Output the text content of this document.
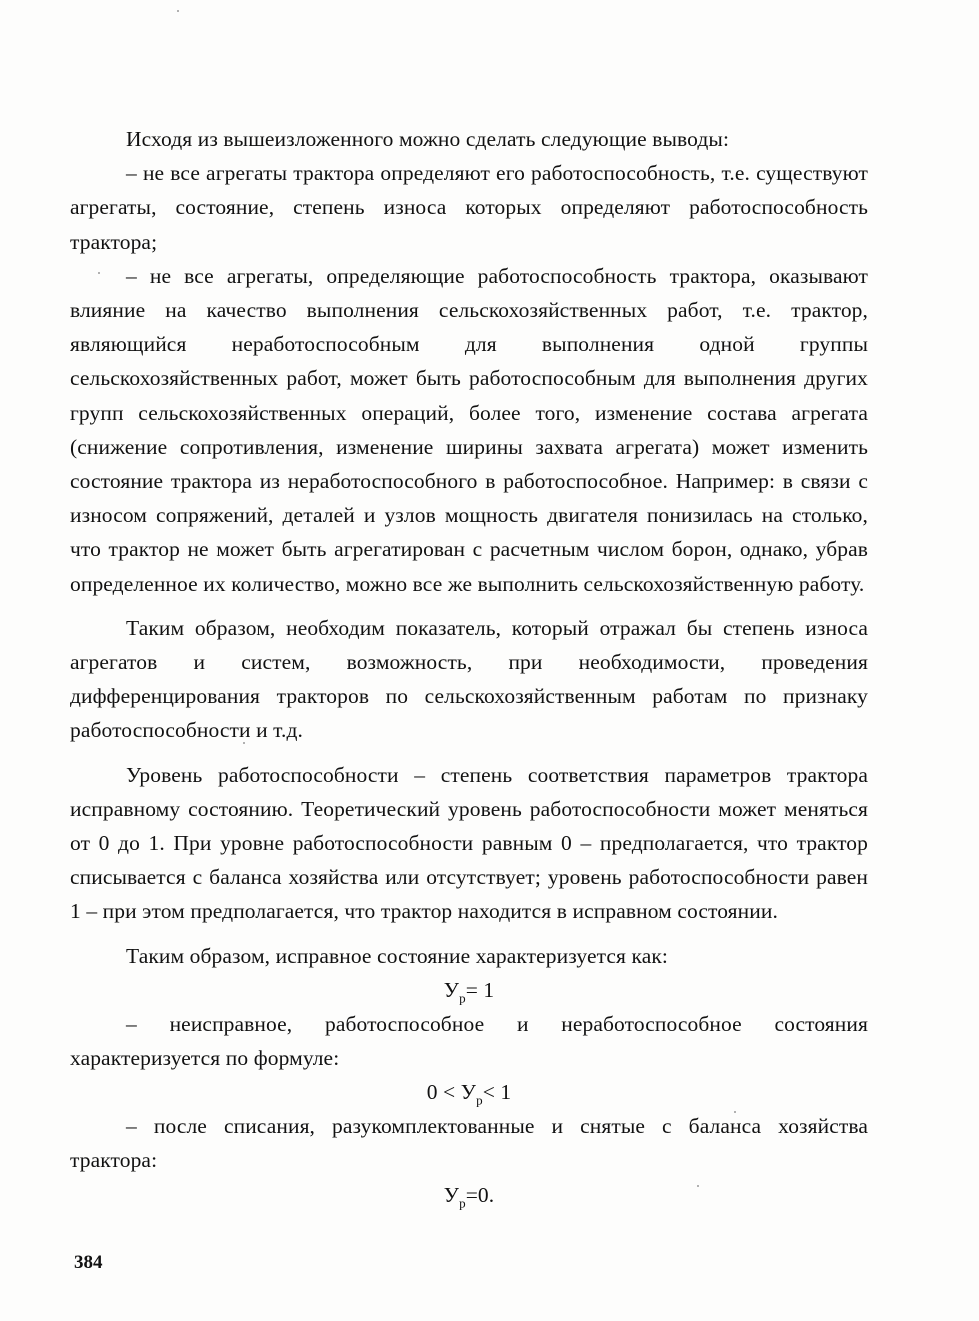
Исходя из вышеизложенного можно сделать следующие выводы:

– не все агрегаты трактора определяют его работоспособность, т.е. существуют агрегаты, состояние, степень износа которых определяют работоспособность трактора;

– не все агрегаты, определяющие работоспособность трактора, оказывают влияние на качество выполнения сельскохозяйственных работ, т.е. трактор, являющийся неработоспособным для выполнения одной группы сельскохозяйственных работ, может быть работоспособным для выполнения других групп сельскохозяйственных операций, более того, изменение состава агрегата (снижение сопротивления, изменение ширины захвата агрегата) может изменить состояние трактора из неработоспособного в работоспособное. Например: в связи с износом сопряжений, деталей и узлов мощность двигателя понизилась на столько, что трактор не может быть агрегатирован с расчетным числом борон, однако, убрав определенное их количество, можно все же выполнить сельскохозяйственную работу.

Таким образом, необходим показатель, который отражал бы степень износа агрегатов и систем, возможность, при необходимости, проведения дифференцирования тракторов по сельскохозяйственным работам по признаку работоспособности и т.д.

Уровень работоспособности – степень соответствия параметров трактора исправному состоянию. Теоретический уровень работоспособности может меняться от 0 до 1. При уровне работоспособности равным 0 – предполагается, что трактор списывается с баланса хозяйства или отсутствует; уровень работоспособности равен 1 – при этом предполагается, что трактор находится в исправном состоянии.

Таким образом, исправное состояние характеризуется как:

$У_р= 1$

– неисправное, работоспособное и неработоспособное состояния характеризуется по формуле:

$0 < У_р< 1$

– после списания, разукомплектованные и снятые с баланса хозяйства трактора:

$У_р=0$.

384
